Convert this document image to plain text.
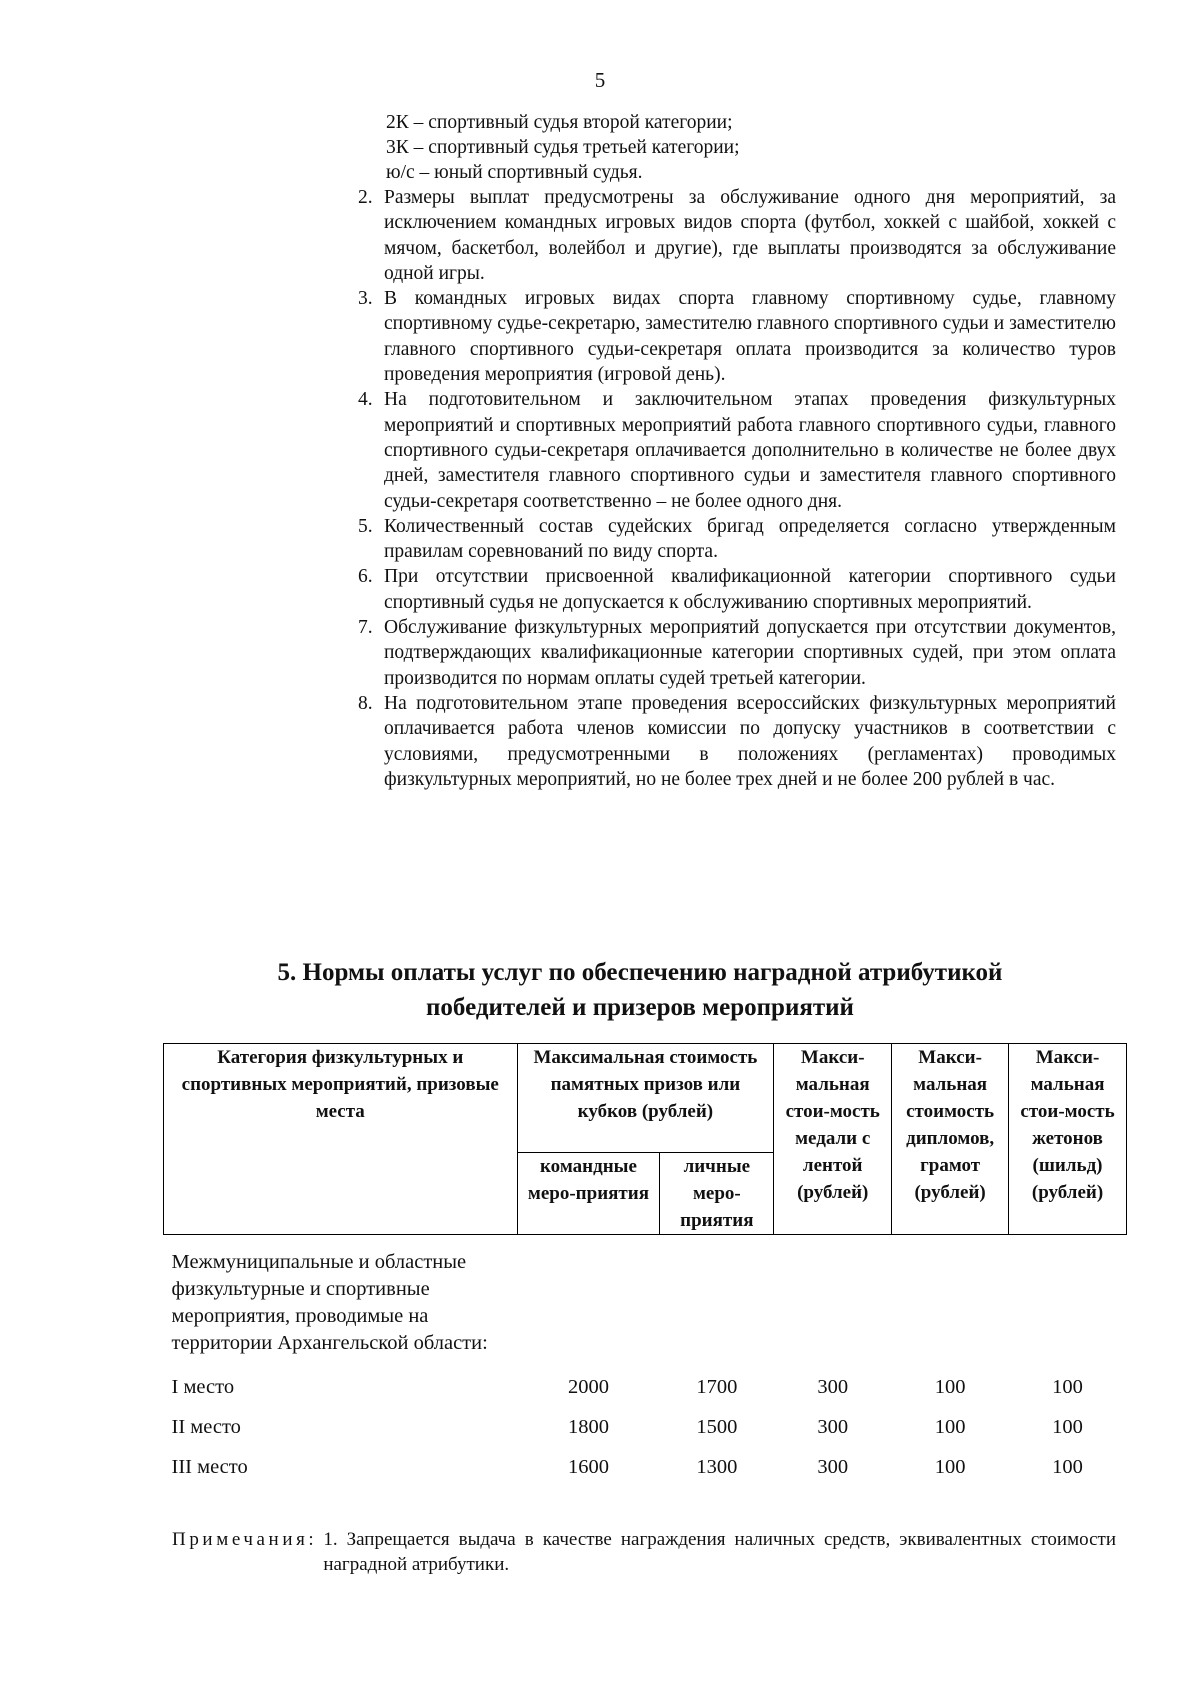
5
2К – спортивный судья второй категории;
3К – спортивный судья третьей категории;
ю/с – юный спортивный судья.
2. Размеры выплат предусмотрены за обслуживание одного дня мероприятий, за исключением командных игровых видов спорта (футбол, хоккей с шайбой, хоккей с мячом, баскетбол, волейбол и другие), где выплаты производятся за обслуживание одной игры.
3. В командных игровых видах спорта главному спортивному судье, главному спортивному судье-секретарю, заместителю главного спортивного судьи и заместителю главного спортивного судьи-секретаря оплата производится за количество туров проведения мероприятия (игровой день).
4. На подготовительном и заключительном этапах проведения физкультурных мероприятий и спортивных мероприятий работа главного спортивного судьи, главного спортивного судьи-секретаря оплачивается дополнительно в количестве не более двух дней, заместителя главного спортивного судьи и заместителя главного спортивного судьи-секретаря соответственно – не более одного дня.
5. Количественный состав судейских бригад определяется согласно утвержденным правилам соревнований по виду спорта.
6. При отсутствии присвоенной квалификационной категории спортивного судьи спортивный судья не допускается к обслуживанию спортивных мероприятий.
7. Обслуживание физкультурных мероприятий допускается при отсутствии документов, подтверждающих квалификационные категории спортивных судей, при этом оплата производится по нормам оплаты судей третьей категории.
8. На подготовительном этапе проведения всероссийских физкультурных мероприятий оплачивается работа членов комиссии по допуску участников в соответствии с условиями, предусмотренными в положениях (регламентах) проводимых физкультурных мероприятий, но не более трех дней и не более 200 рублей в час.
5. Нормы оплаты услуг по обеспечению наградной атрибутикой
победителей и призеров мероприятий
Категория физкультурных и спортивных мероприятий, призовые места	Максимальная стоимость памятных призов или кубков (рублей)		Макси-мальная стои-мость медали с лентой (рублей)	Макси-мальная стоимость дипломов, грамот (рублей)	Макси-мальная стои-мость жетонов (шильд) (рублей)
	командные меро-приятия	личные меро-приятия			
Межмуниципальные и областные физкультурные и спортивные мероприятия, проводимые на территории Архангельской области:					
I место	2000	1700	300	100	100
II место	1800	1500	300	100	100
III место	1600	1300	300	100	100
Примечания: 1. Запрещается выдача в качестве награждения наличных средств, эквивалентных стоимости наградной атрибутики.
